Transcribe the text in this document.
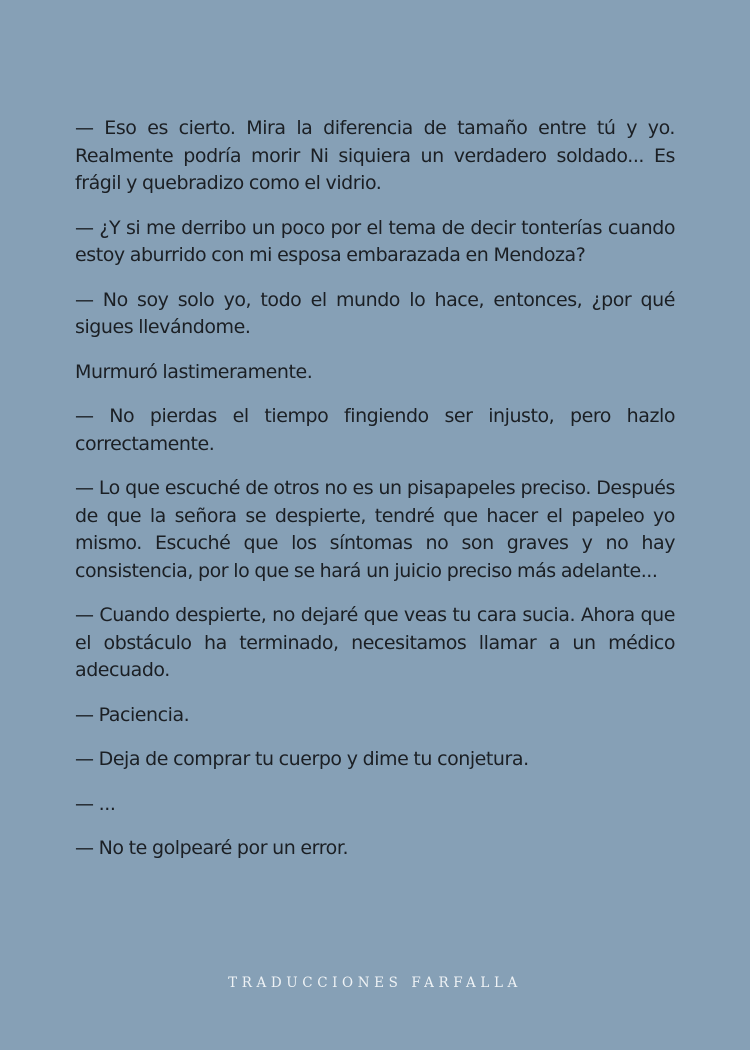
— Eso es cierto. Mira la diferencia de tamaño entre tú y yo. Realmente podría morir Ni siquiera un verdadero soldado... Es frágil y quebradizo como el vidrio.

— ¿Y si me derribo un poco por el tema de decir tonterías cuando estoy aburrido con mi esposa embarazada en Mendoza?

— No soy solo yo, todo el mundo lo hace, entonces, ¿por qué sigues llevándome.

Murmuró lastimeramente.

— No pierdas el tiempo fingiendo ser injusto, pero hazlo correctamente.

— Lo que escuché de otros no es un pisapapeles preciso. Después de que la señora se despierte, tendré que hacer el papeleo yo mismo. Escuché que los síntomas no son graves y no hay consistencia, por lo que se hará un juicio preciso más adelante...

— Cuando despierte, no dejaré que veas tu cara sucia. Ahora que el obstáculo ha terminado, necesitamos llamar a un médico adecuado.

— Paciencia.

— Deja de comprar tu cuerpo y dime tu conjetura.

— ...

— No te golpearé por un error.

TRADUCCIONES FARFALLA
